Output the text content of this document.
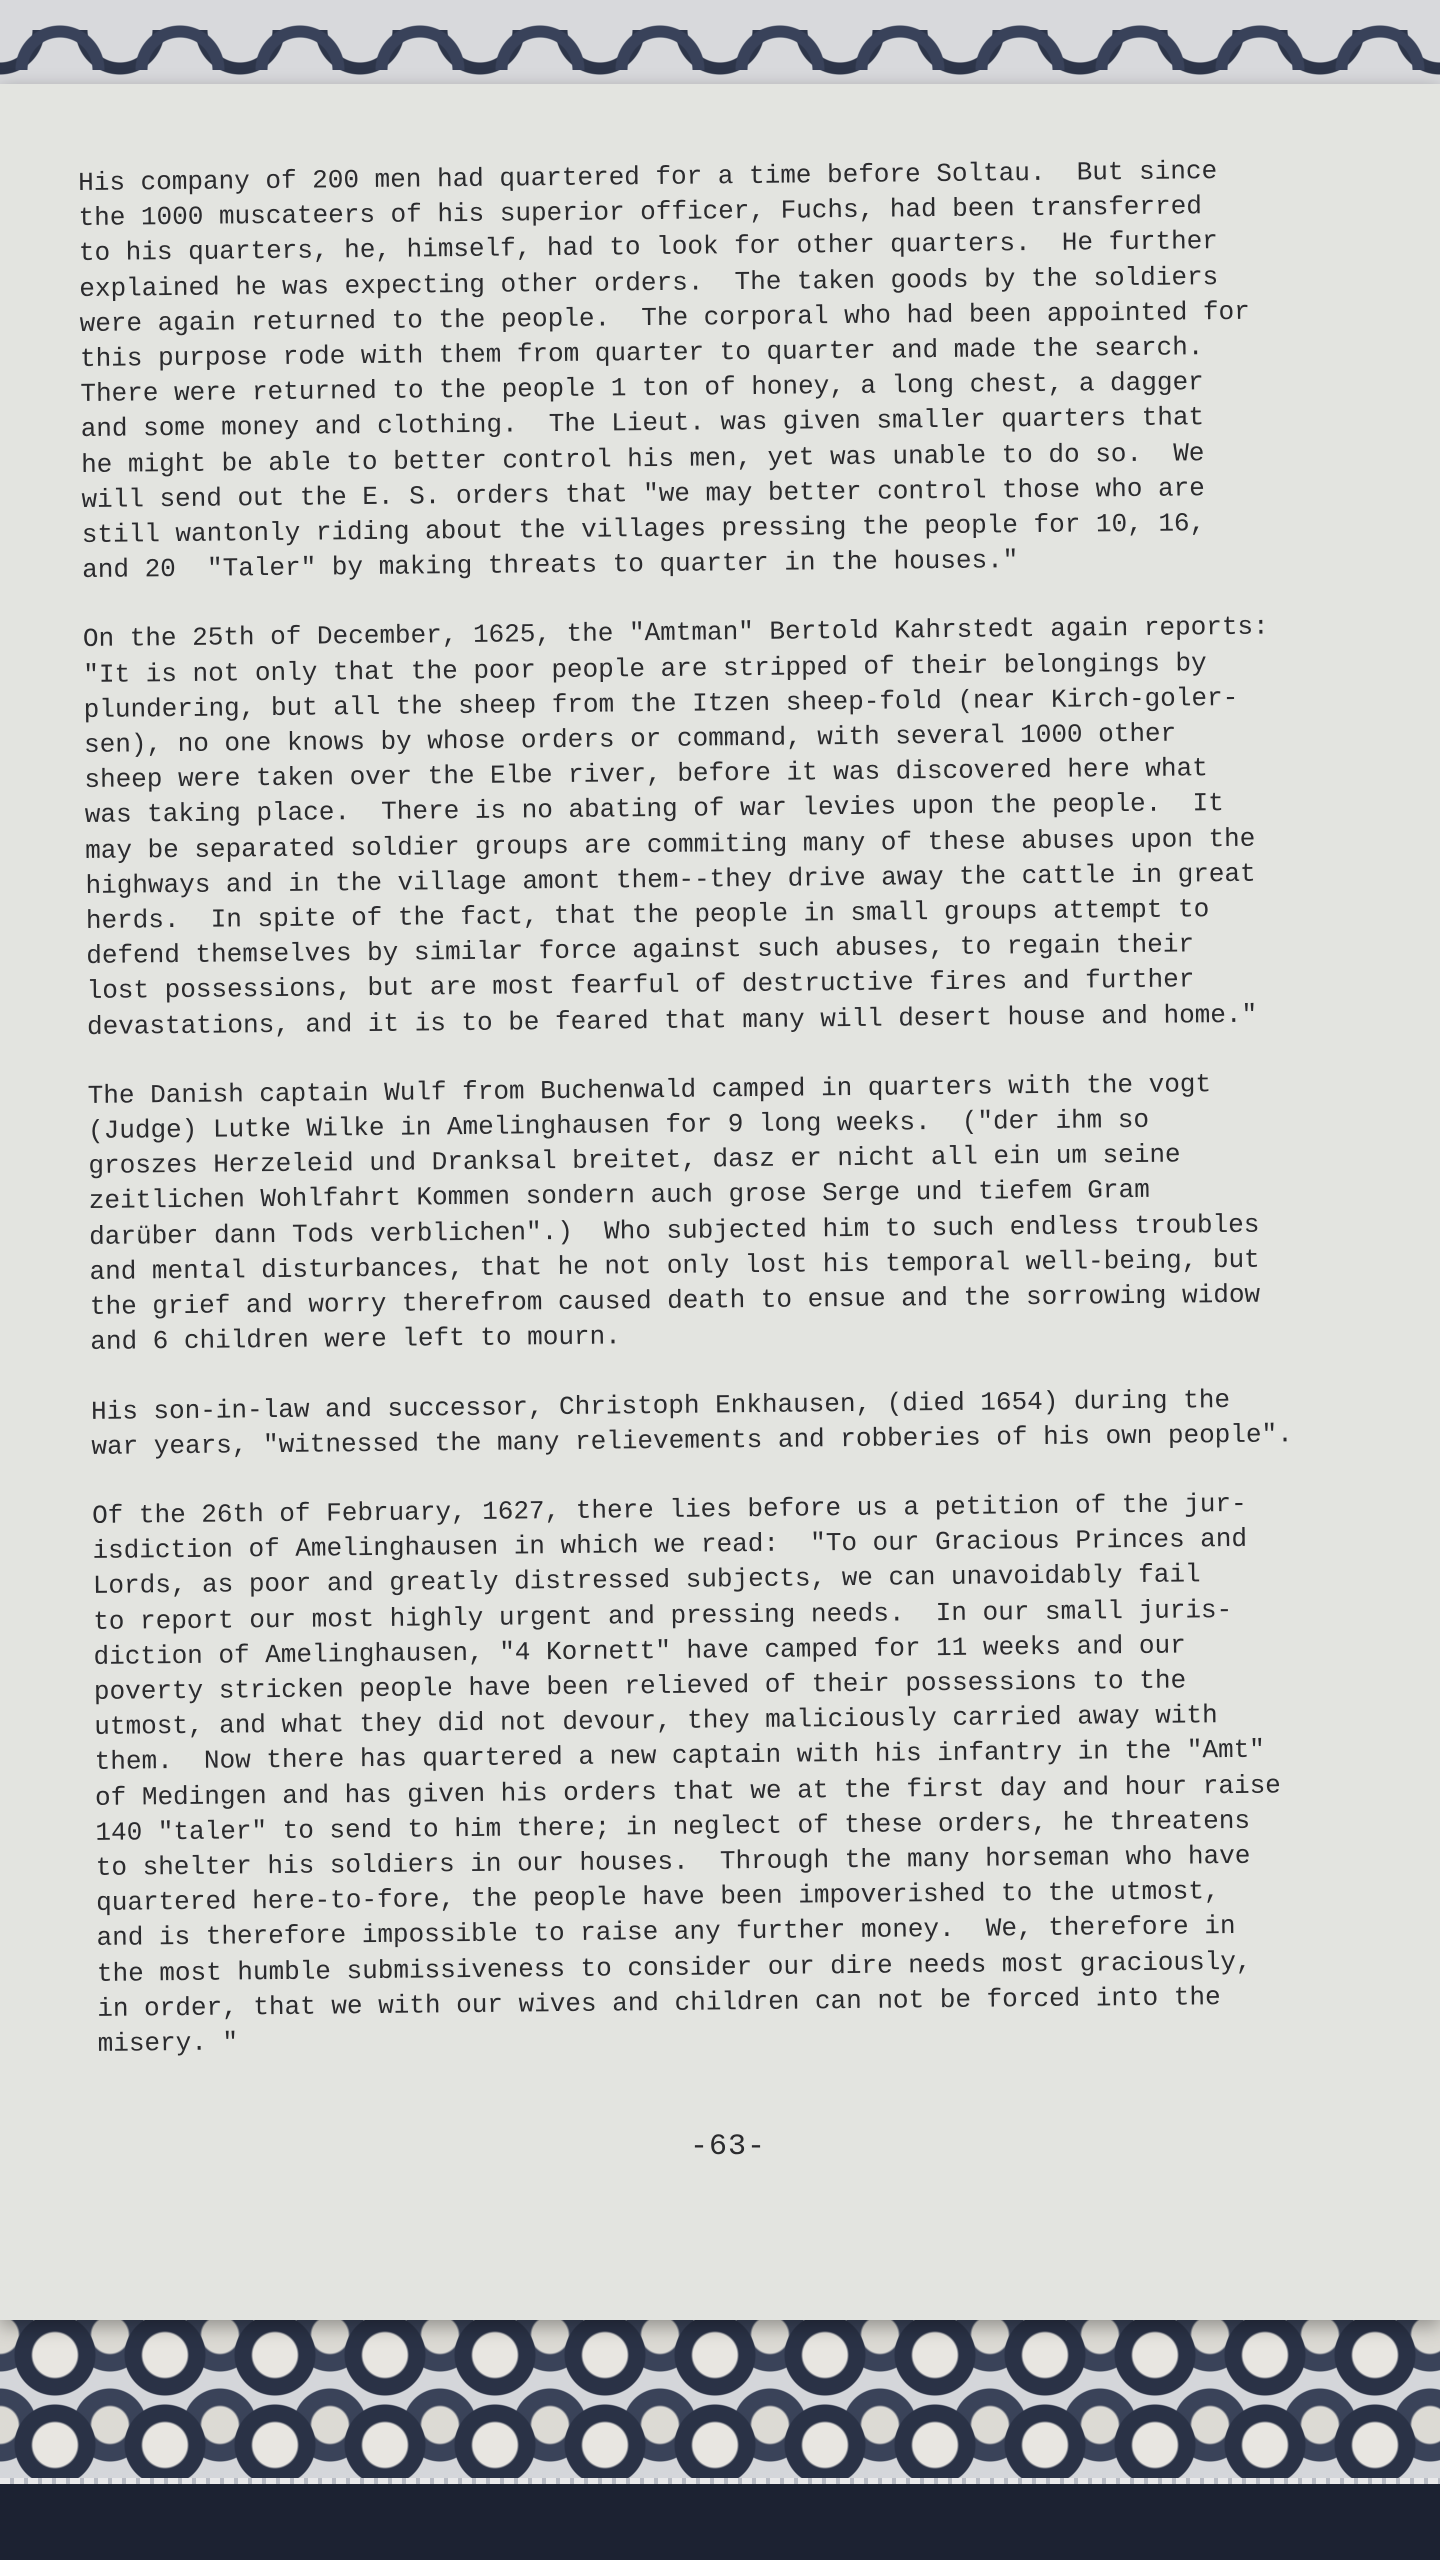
His company of 200 men had quartered for a time before Soltau.  But since
the 1000 muscateers of his superior officer, Fuchs, had been transferred
to his quarters, he, himself, had to look for other quarters.  He further
explained he was expecting other orders.  The taken goods by the soldiers
were again returned to the people.  The corporal who had been appointed for
this purpose rode with them from quarter to quarter and made the search.
There were returned to the people 1 ton of honey, a long chest, a dagger
and some money and clothing.  The Lieut. was given smaller quarters that
he might be able to better control his men, yet was unable to do so.  We
will send out the E. S. orders that "we may better control those who are
still wantonly riding about the villages pressing the people for 10, 16,
and 20  "Taler" by making threats to quarter in the houses."

On the 25th of December, 1625, the "Amtman" Bertold Kahrstedt again reports:
"It is not only that the poor people are stripped of their belongings by
plundering, but all the sheep from the Itzen sheep-fold (near Kirch-goler-
sen), no one knows by whose orders or command, with several 1000 other
sheep were taken over the Elbe river, before it was discovered here what
was taking place.  There is no abating of war levies upon the people.  It
may be separated soldier groups are commiting many of these abuses upon the
highways and in the village amont them--they drive away the cattle in great
herds.  In spite of the fact, that the people in small groups attempt to
defend themselves by similar force against such abuses, to regain their
lost possessions, but are most fearful of destructive fires and further
devastations, and it is to be feared that many will desert house and home."

The Danish captain Wulf from Buchenwald camped in quarters with the vogt
(Judge) Lutke Wilke in Amelinghausen for 9 long weeks.  ("der ihm so
groszes Herzeleid und Dranksal breitet, dasz er nicht all ein um seine
zeitlichen Wohlfahrt Kommen sondern auch grose Serge und tiefem Gram
darüber dann Tods verblichen".)  Who subjected him to such endless troubles
and mental disturbances, that he not only lost his temporal well-being, but
the grief and worry therefrom caused death to ensue and the sorrowing widow
and 6 children were left to mourn.

His son-in-law and successor, Christoph Enkhausen, (died 1654) during the
war years, "witnessed the many relievements and robberies of his own people".

Of the 26th of February, 1627, there lies before us a petition of the jur-
isdiction of Amelinghausen in which we read:  "To our Gracious Princes and
Lords, as poor and greatly distressed subjects, we can unavoidably fail
to report our most highly urgent and pressing needs.  In our small juris-
diction of Amelinghausen, "4 Kornett" have camped for 11 weeks and our
poverty stricken people have been relieved of their possessions to the
utmost, and what they did not devour, they maliciously carried away with
them.  Now there has quartered a new captain with his infantry in the "Amt"
of Medingen and has given his orders that we at the first day and hour raise
140 "taler" to send to him there; in neglect of these orders, he threatens
to shelter his soldiers in our houses.  Through the many horseman who have
quartered here-to-fore, the people have been impoverished to the utmost,
and is therefore impossible to raise any further money.  We, therefore in
the most humble submissiveness to consider our dire needs most graciously,
in order, that we with our wives and children can not be forced into the
misery. "

-63-
